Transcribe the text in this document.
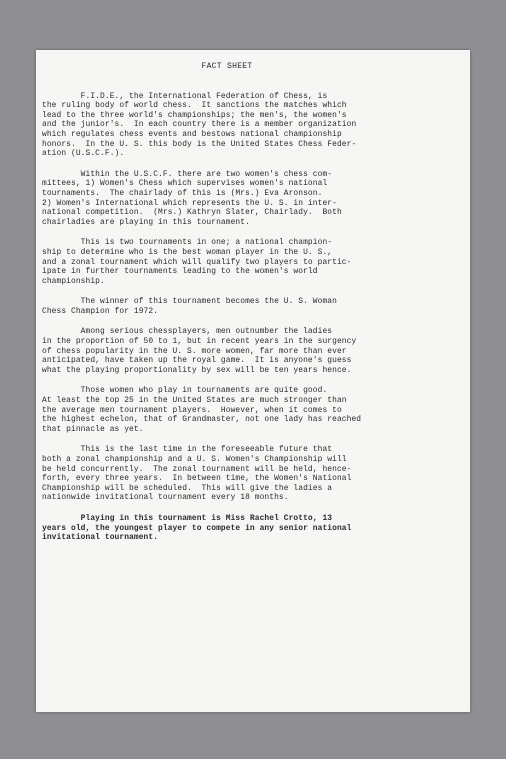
FACT SHEET

F.I.D.E., the International Federation of Chess, is
the ruling body of world chess.  It sanctions the matches which
lead to the three world's championships; the men's, the women's
and the junior's.  In each country there is a member organization
which regulates chess events and bestows national championship
honors.  In the U. S. this body is the United States Chess Feder-
ation (U.S.C.F.).

Within the U.S.C.F. there are two women's chess com-
mittees, 1) Women's Chess which supervises women's national
tournaments.  The chairlady of this is (Mrs.) Eva Aronson.
2) Women's International which represents the U. S. in inter-
national competition.  (Mrs.) Kathryn Slater, Chairlady.  Both
chairladies are playing in this tournament.

This is two tournaments in one; a national champion-
ship to determine who is the best woman player in the U. S.,
and a zonal tournament which will qualify two players to partic-
ipate in further tournaments leading to the women's world
championship.

The winner of this tournament becomes the U. S. Woman
Chess Champion for 1972.

Among serious chessplayers, men outnumber the ladies
in the proportion of 50 to 1, but in recent years in the surgency
of chess popularity in the U. S. more women, far more than ever
anticipated, have taken up the royal game.  It is anyone's guess
what the playing proportionality by sex will be ten years hence.

Those women who play in tournaments are quite good.
At least the top 25 in the United States are much stronger than
the average men tournament players.  However, when it comes to
the highest echelon, that of Grandmaster, not one lady has reached
that pinnacle as yet.

This is the last time in the foreseeable future that
both a zonal championship and a U. S. Women's Championship will
be held concurrently.  The zonal tournament will be held, hence-
forth, every three years.  In between time, the Women's National
Championship will be scheduled.  This will give the ladies a
nationwide invitational tournament every 18 months.

Playing in this tournament is Miss Rachel Crotto, 13
years old, the youngest player to compete in any senior national
invitational tournament.
